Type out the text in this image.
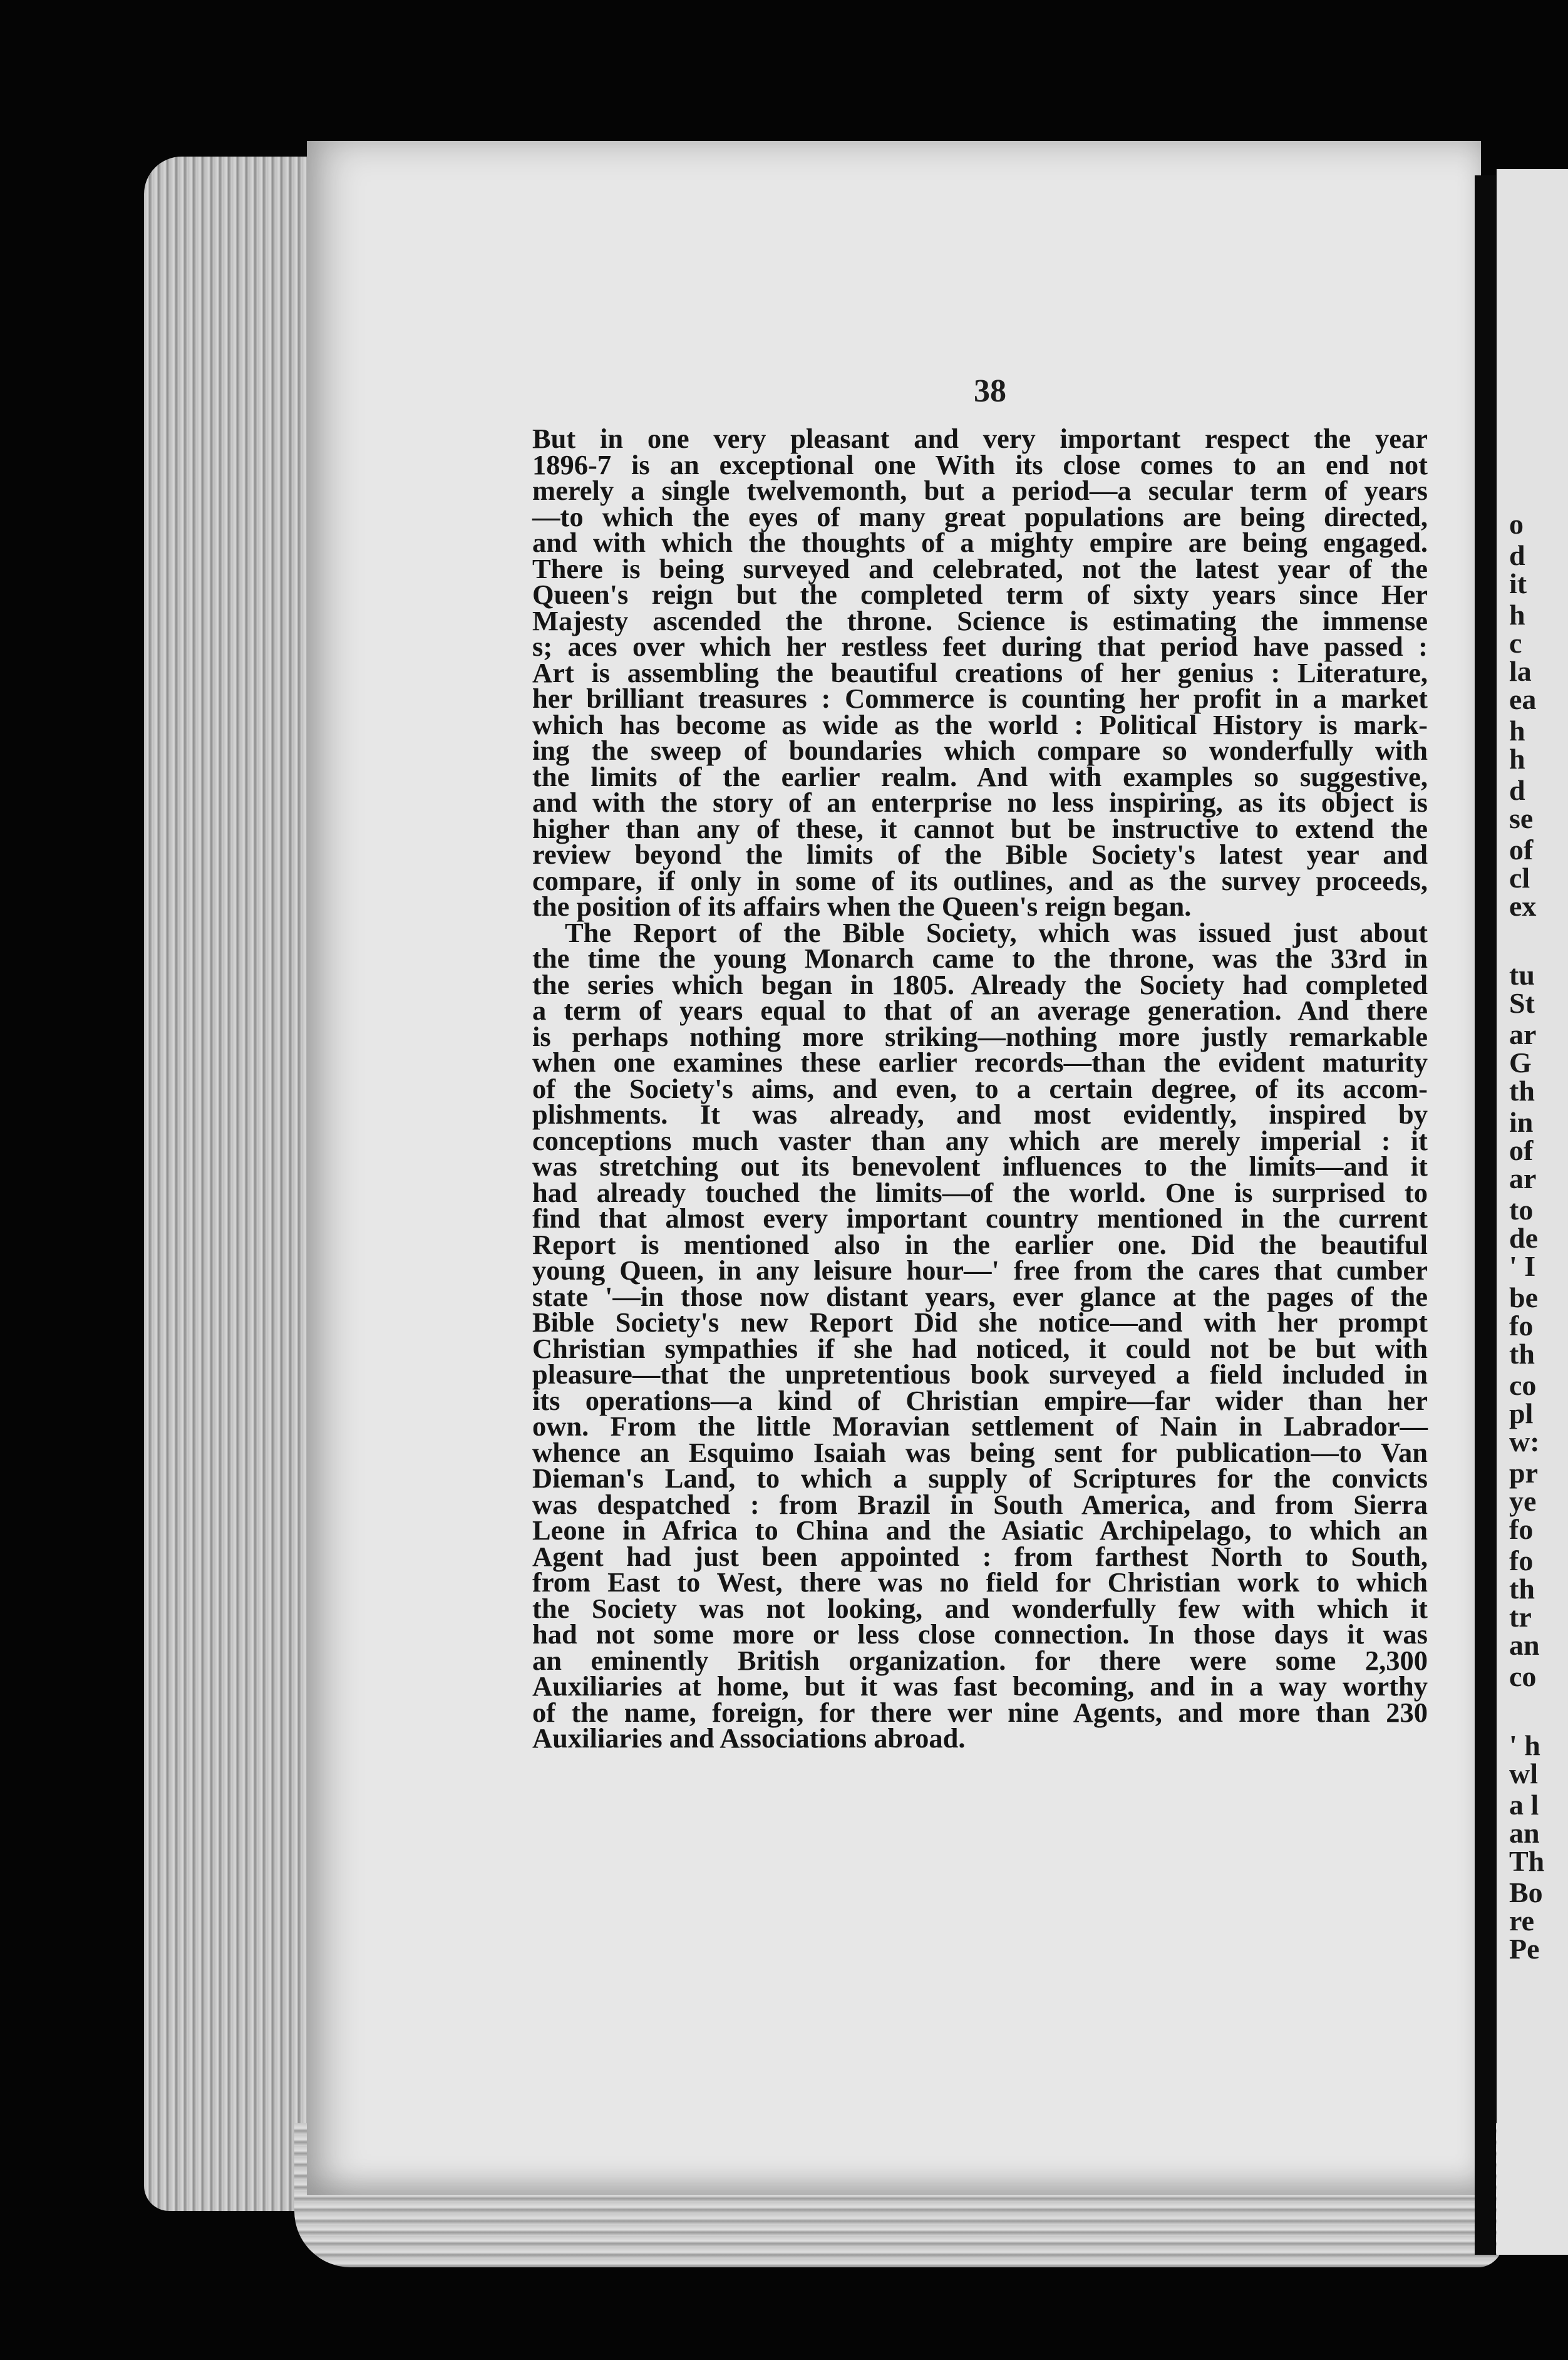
38
But in one very pleasant and very important respect the year
1896-7 is an exceptional one With its close comes to an end not
merely a single twelvemonth, but a period—a secular term of years
—to which the eyes of many great populations are being directed,
and with which the thoughts of a mighty empire are being engaged.
There is being surveyed and celebrated, not the latest year of the
Queen's reign but the completed term of sixty years since Her
Majesty ascended the throne. Science is estimating the immense
s; aces over which her restless feet during that period have passed :
Art is assembling the beautiful creations of her genius : Literature,
her brilliant treasures : Commerce is counting her profit in a market
which has become as wide as the world : Political History is mark-
ing the sweep of boundaries which compare so wonderfully with
the limits of the earlier realm. And with examples so suggestive,
and with the story of an enterprise no less inspiring, as its object is
higher than any of these, it cannot but be instructive to extend the
review beyond the limits of the Bible Society's latest year and
compare, if only in some of its outlines, and as the survey proceeds,
the position of its affairs when the Queen's reign began.
The Report of the Bible Society, which was issued just about
the time the young Monarch came to the throne, was the 33rd in
the series which began in 1805. Already the Society had completed
a term of years equal to that of an average generation. And there
is perhaps nothing more striking—nothing more justly remarkable
when one examines these earlier records—than the evident maturity
of the Society's aims, and even, to a certain degree, of its accom-
plishments. It was already, and most evidently, inspired by
conceptions much vaster than any which are merely imperial : it
was stretching out its benevolent influences to the limits—and it
had already touched the limits—of the world. One is surprised to
find that almost every important country mentioned in the current
Report is mentioned also in the earlier one. Did the beautiful
young Queen, in any leisure hour—' free from the cares that cumber
state '—in those now distant years, ever glance at the pages of the
Bible Society's new Report Did she notice—and with her prompt
Christian sympathies if she had noticed, it could not be but with
pleasure—that the unpretentious book surveyed a field included in
its operations—a kind of Christian empire—far wider than her
own. From the little Moravian settlement of Nain in Labrador—
whence an Esquimo Isaiah was being sent for publication—to Van
Dieman's Land, to which a supply of Scriptures for the convicts
was despatched : from Brazil in South America, and from Sierra
Leone in Africa to China and the Asiatic Archipelago, to which an
Agent had just been appointed : from farthest North to South,
from East to West, there was no field for Christian work to which
the Society was not looking, and wonderfully few with which it
had not some more or less close connection. In those days it was
an eminently British organization. for there were some 2,300
Auxiliaries at home, but it was fast becoming, and in a way worthy
of the name, foreign, for there wer nine Agents, and more than 230
Auxiliaries and Associations abroad.
o
d
it
h
c
la
ea
h
h
d
se
of
cl
ex
tu
St
ar
G
th
in
of
ar
to
de
' I
be
fo
th
co
pl
w:
pr
ye
fo
fo
th
tr
an
co
' h
wl
a l
an
Th
Bo
re
Pe
